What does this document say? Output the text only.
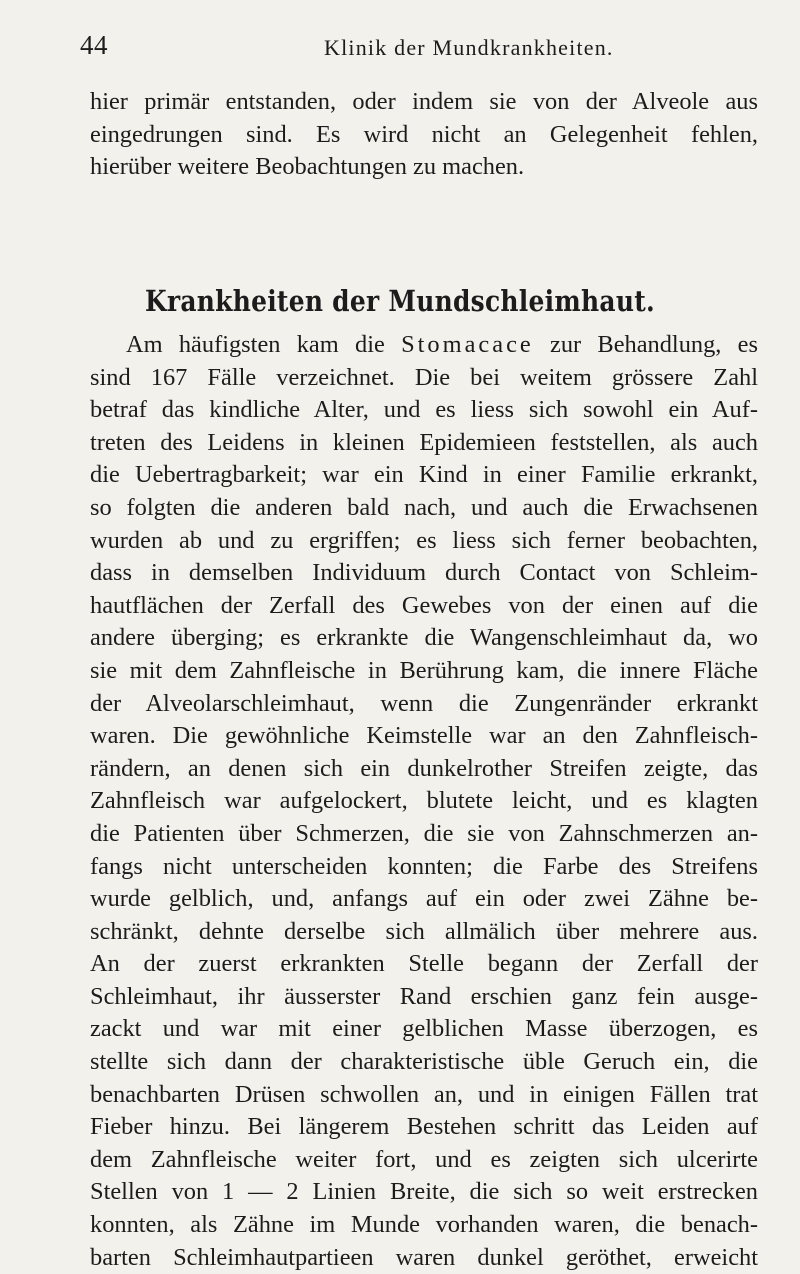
44	Klinik der Mundkrankheiten.
hier primär entstanden, oder indem sie von der Alveole aus
eingedrungen sind. Es wird nicht an Gelegenheit fehlen,
hierüber weitere Beobachtungen zu machen.
Krankheiten der Mundschleimhaut.
Am häufigsten kam die Stomacace zur Behandlung, es
sind 167 Fälle verzeichnet. Die bei weitem grössere Zahl
betraf das kindliche Alter, und es liess sich sowohl ein Auf-
treten des Leidens in kleinen Epidemieen feststellen, als auch
die Uebertragbarkeit; war ein Kind in einer Familie erkrankt,
so folgten die anderen bald nach, und auch die Erwachsenen
wurden ab und zu ergriffen; es liess sich ferner beobachten,
dass in demselben Individuum durch Contact von Schleim-
hautflächen der Zerfall des Gewebes von der einen auf die
andere überging; es erkrankte die Wangenschleimhaut da, wo
sie mit dem Zahnfleische in Berührung kam, die innere Fläche
der Alveolarschleimhaut, wenn die Zungenränder erkrankt
waren. Die gewöhnliche Keimstelle war an den Zahnfleisch-
rändern, an denen sich ein dunkelrother Streifen zeigte, das
Zahnfleisch war aufgelockert, blutete leicht, und es klagten
die Patienten über Schmerzen, die sie von Zahnschmerzen an-
fangs nicht unterscheiden konnten; die Farbe des Streifens
wurde gelblich, und, anfangs auf ein oder zwei Zähne be-
schränkt, dehnte derselbe sich allmälich über mehrere aus.
An der zuerst erkrankten Stelle begann der Zerfall der
Schleimhaut, ihr äusserster Rand erschien ganz fein ausge-
zackt und war mit einer gelblichen Masse überzogen, es
stellte sich dann der charakteristische üble Geruch ein, die
benachbarten Drüsen schwollen an, und in einigen Fällen trat
Fieber hinzu. Bei längerem Bestehen schritt das Leiden auf
dem Zahnfleische weiter fort, und es zeigten sich ulcerirte
Stellen von 1 — 2 Linien Breite, die sich so weit erstrecken
konnten, als Zähne im Munde vorhanden waren, die benach-
barten Schleimhautpartieen waren dunkel geröthet, erweicht
